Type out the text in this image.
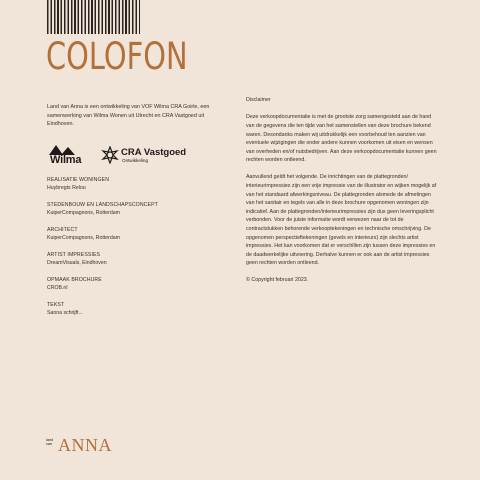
COLOFON
Land van Anna is een ontwikkeling van VOF Wilma CRA Goirle, een samenwerking van Wilma Wonen uit Utrecht en CRA Vastgoed uit Eindhoven.
Wilma
CRA Vastgoed
Ontwikkeling
REALISATIE WONINGEN
Huybregts Relou
STEDENBOUW EN LANDSCHAPSCONCEPT
KuiperCompagnons, Rotterdam
ARCHITECT
KuiperCompagnons, Rotterdam
ARTIST IMPRESSIES
DreamVisuals, Eindhoven
OPMAAK BROCHURE
CROB.nl
TEKST
Sanna schrijft...

Disclaimer

Deze verkoopdocumentatie is met de grootste zorg samengesteld aan de hand van de gegevens die ten tijde van het samenstellen van deze brochure bekend waren. Desondanks maken wij uitdrukkelijk een voorbehoud ten aanzien van eventuele wijzigingen die onder andere kunnen voorkomen uit eisen en wensen van overheden en/of nutsbedrijven. Aan deze verkoopdocumentatie kunnen geen rechten worden ontleend.

Aanvullend geldt het volgende. De inrichtingen van de plattegronden/ interieurimpressies zijn een vrije impressie van de illustrator en wijken mogelijk af van het standaard afwerkingsniveau. De plattegronden alsmede de afmetingen van het sanitair en tegels van alle in deze brochure opgenomen woningen zijn indicatief. Aan de plattegronden/interieurimpressies zijn dus geen leveringsplicht verbonden. Voor de juiste informatie wordt verwezen naar de tot de contractstukken behorende verkooptekeningen en technische omschrijving. De opgenomen perspectieftekeningen (gevels en interieurs) zijn slechts artist impressies. Het kan voorkomen dat er verschillen zijn tussen deze impressies en de daadwerkelijke uitvoering. Derhalve kunnen er ook aan de artist impressies geen rechten worden ontleend.

© Copyright februari 2023.

land
van ANNA
